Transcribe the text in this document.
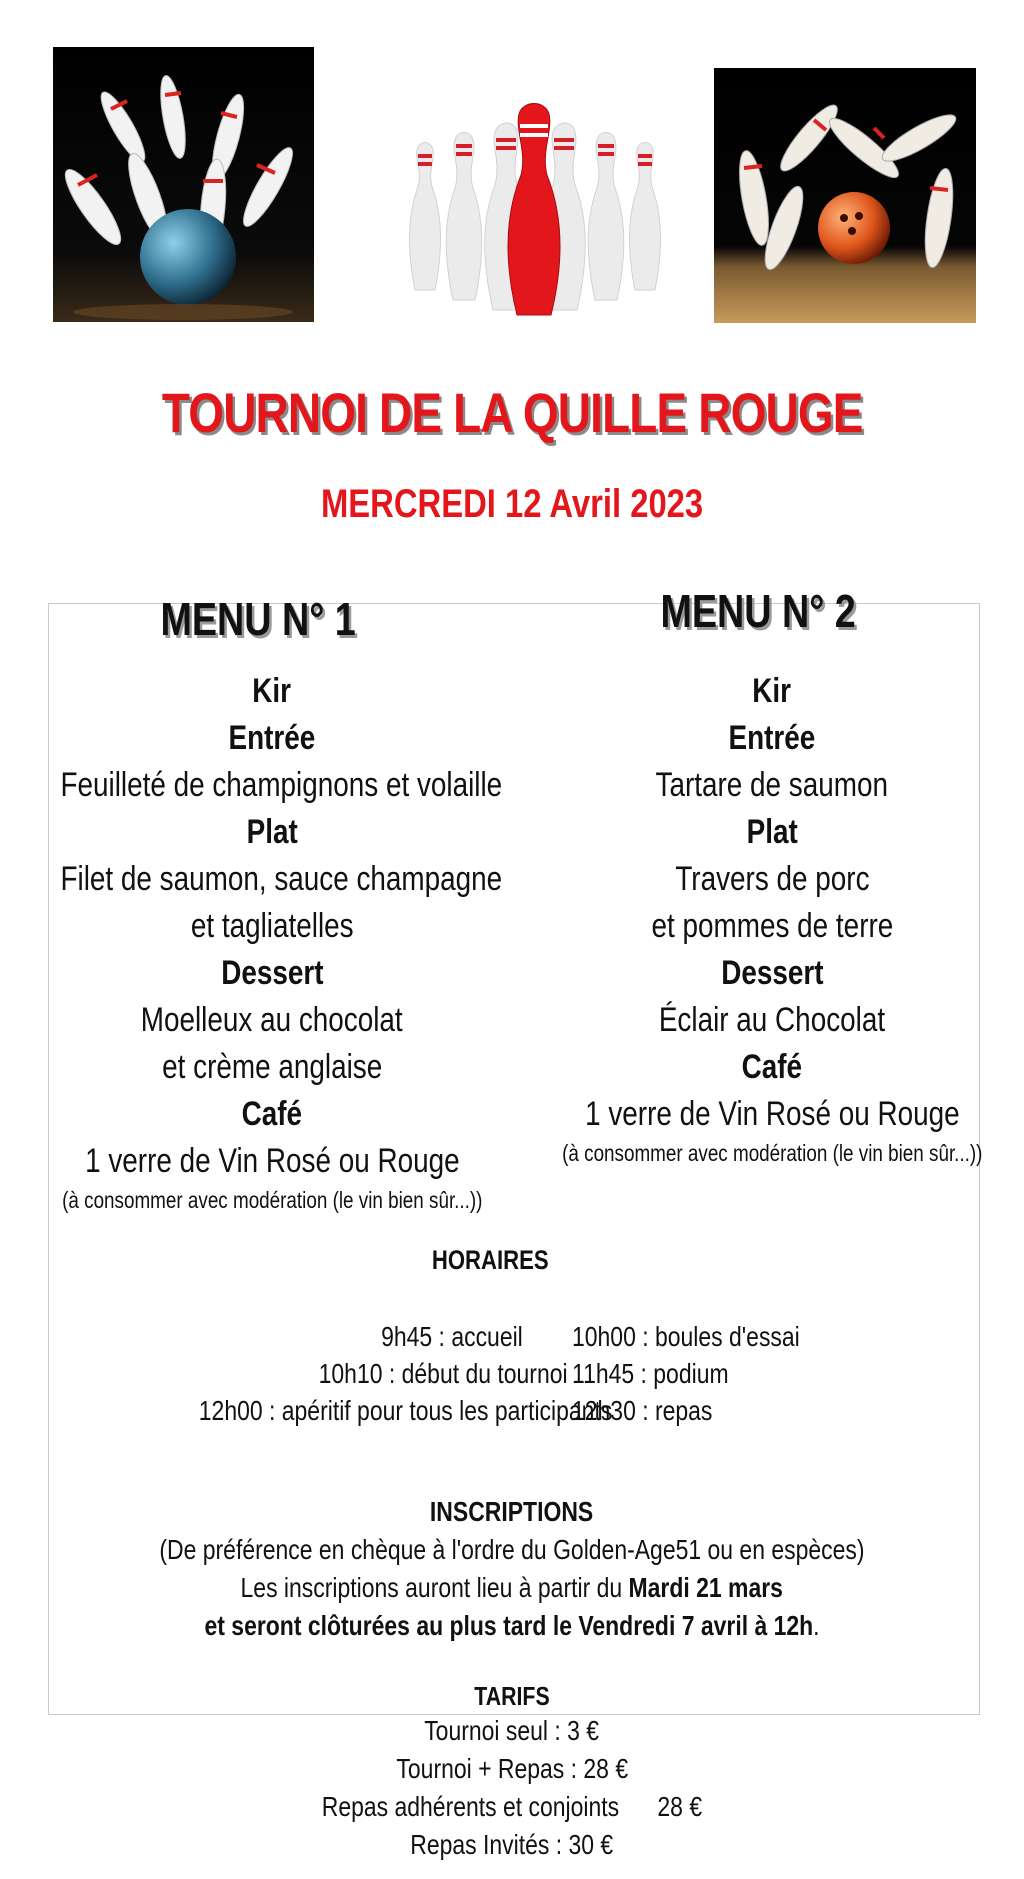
TOURNOI DE LA QUILLE ROUGE
MERCREDI 12 Avril 2023
MENU N° 1
Kir
Entrée
Feuilleté de champignons et volaille
Plat
Filet de saumon, sauce champagne
et tagliatelles
Dessert
Moelleux au chocolat
et crème anglaise
Café
1 verre de Vin Rosé ou Rouge
(à consommer avec modération (le vin bien sûr...))
MENU N° 2
Kir
Entrée
Tartare de saumon
Plat
Travers de porc
et pommes de terre
Dessert
Éclair au Chocolat
Café
1 verre de Vin Rosé ou Rouge
(à consommer avec modération (le vin bien sûr...))
HORAIRES
9h45 : accueil
10h10 : début du tournoi
12h00 : apéritif pour tous les participants
10h00 : boules d'essai
11h45 : podium
12h30 : repas
INSCRIPTIONS
(De préférence en chèque à l'ordre du Golden-Age51 ou en espèces)
Les inscriptions auront lieu à partir du Mardi 21 mars
et seront clôturées au plus tard le Vendredi 7 avril à 12h.
TARIFS
Tournoi seul : 3 €
Tournoi + Repas : 28 €
Repas adhérents et conjoints      28 €
Repas Invités : 30 €
